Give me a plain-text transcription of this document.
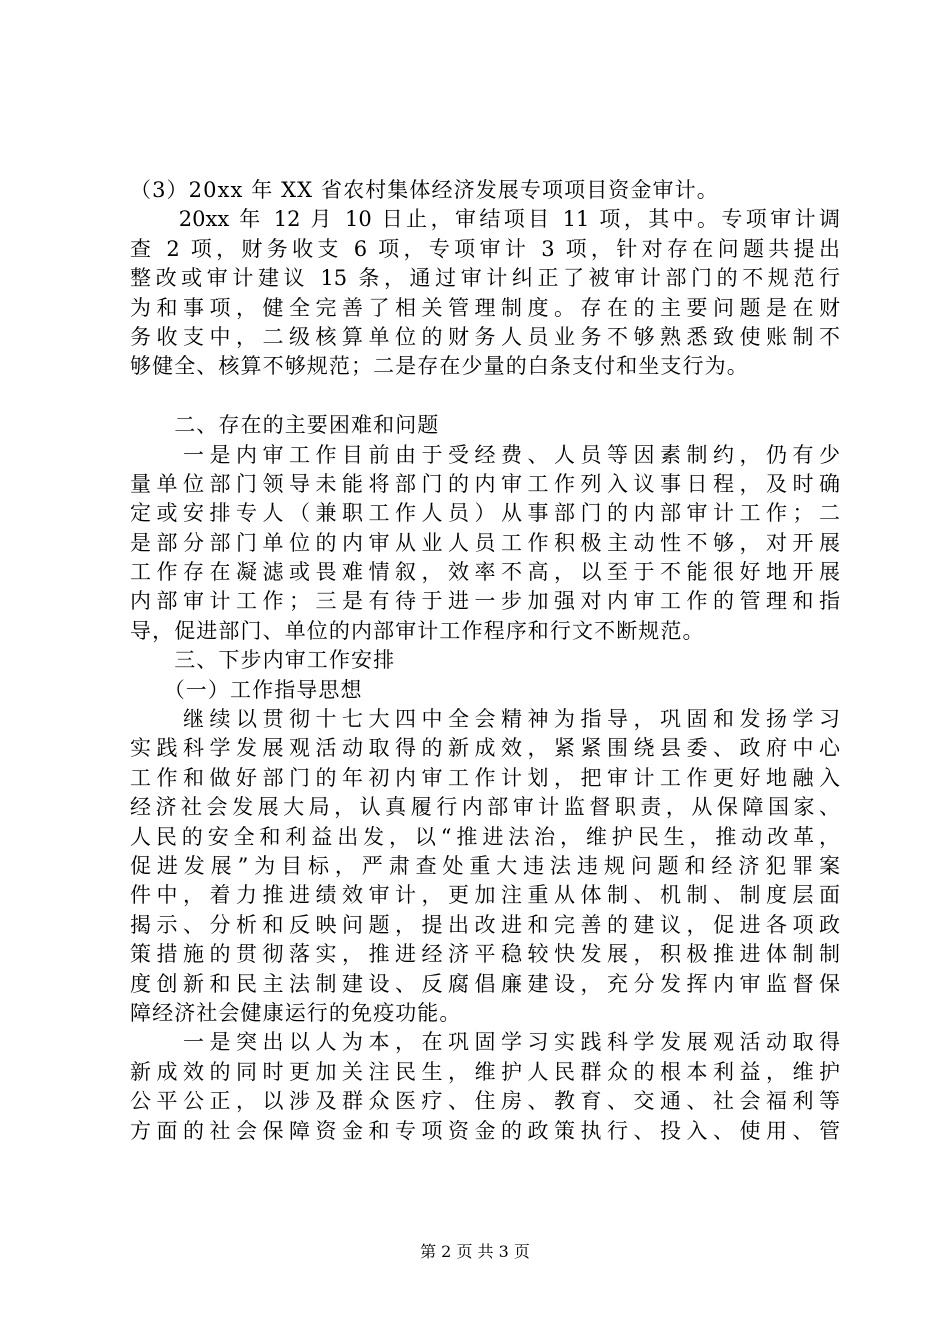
（3）20xx 年 XX 省农村集体经济发展专项项目资金审计。
　　20xx 年 12 月 10 日止，审结项目 11 项，其中。专项审计调
查 2 项，财务收支 6 项，专项审计 3 项，针对存在问题共提出
整改或审计建议 15 条，通过审计纠正了被审计部门的不规范行
为和事项，健全完善了相关管理制度。存在的主要问题是在财
务收支中，二级核算单位的财务人员业务不够熟悉致使账制不
够健全、核算不够规范；二是存在少量的白条支付和坐支行为。
　　二、存在的主要困难和问题
　　一是内审工作目前由于受经费、人员等因素制约，仍有少
量单位部门领导未能将部门的内审工作列入议事日程，及时确
定或安排专人（兼职工作人员）从事部门的内部审计工作；二
是部分部门单位的内审从业人员工作积极主动性不够，对开展
工作存在凝滤或畏难情叙，效率不高，以至于不能很好地开展
内部审计工作；三是有待于进一步加强对内审工作的管理和指
导，促进部门、单位的内部审计工作程序和行文不断规范。
　　三、下步内审工作安排
　　（一）工作指导思想
　　继续以贯彻十七大四中全会精神为指导，巩固和发扬学习
实践科学发展观活动取得的新成效，紧紧围绕县委、政府中心
工作和做好部门的年初内审工作计划，把审计工作更好地融入
经济社会发展大局，认真履行内部审计监督职责，从保障国家、
人民的安全和利益出发，以“推进法治，维护民生，推动改革，
促进发展”为目标，严肃查处重大违法违规问题和经济犯罪案
件中，着力推进绩效审计，更加注重从体制、机制、制度层面
揭示、分析和反映问题，提出改进和完善的建议，促进各项政
策措施的贯彻落实，推进经济平稳较快发展，积极推进体制制
度创新和民主法制建设、反腐倡廉建设，充分发挥内审监督保
障经济社会健康运行的免疫功能。
　　一是突出以人为本，在巩固学习实践科学发展观活动取得
新成效的同时更加关注民生，维护人民群众的根本利益，维护
公平公正，以涉及群众医疗、住房、教育、交通、社会福利等
方面的社会保障资金和专项资金的政策执行、投入、使用、管
第 2 页 共 3 页
